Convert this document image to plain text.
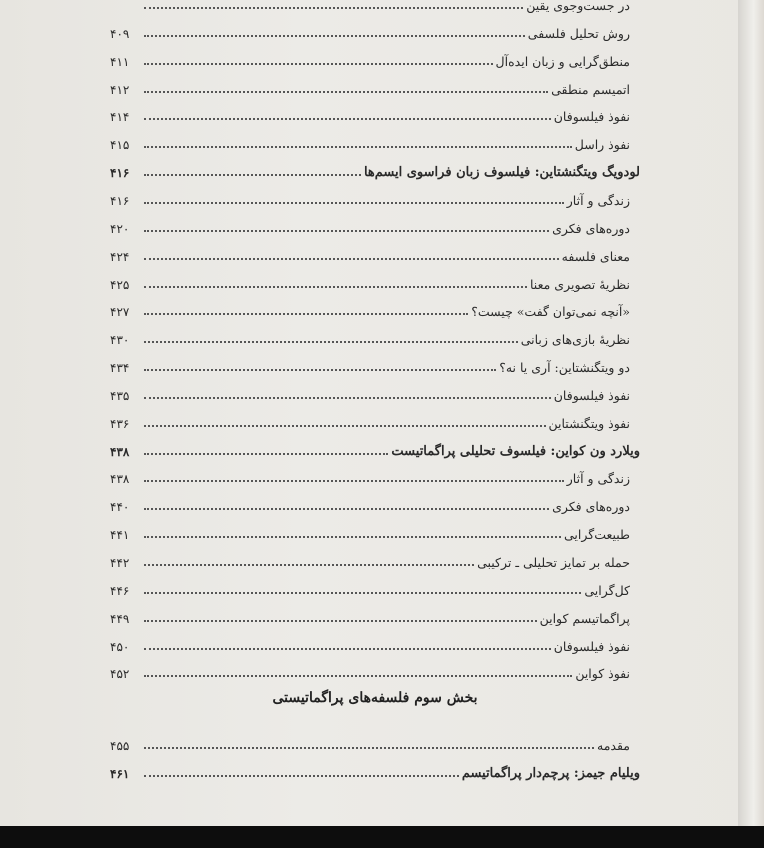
بخش سوم فلسفه‌های پراگماتیستی
در جست‌وجوی یقین
روش تحلیل فلسفی
۴۰۹
منطق‌گرایی و زبان ایده‌آل
۴۱۱
اتمیسم منطقی
۴۱۲
نفوذ فیلسوفان
۴۱۴
نفوذ راسل
۴۱۵
لودویگ ویتگنشتاین: فیلسوف زبان فراسوی ایسم‌ها
۴۱۶
زندگی و آثار
۴۱۶
دوره‌های فکری
۴۲۰
معنای فلسفه
۴۲۴
نظریهٔ تصویری معنا
۴۲۵
«آنچه نمی‌توان گفت» چیست؟
۴۲۷
نظریهٔ بازی‌های زبانی
۴۳۰
دو ویتگنشتاین: آری یا نه؟
۴۳۴
نفوذ فیلسوفان
۴۳۵
نفوذ ویتگنشتاین
۴۳۶
ویلارد ون کواین: فیلسوف تحلیلی پراگماتیست
۴۳۸
زندگی و آثار
۴۳۸
دوره‌های فکری
۴۴۰
طبیعت‌گرایی
۴۴۱
حمله بر تمایز تحلیلی ـ ترکیبی
۴۴۲
کل‌گرایی
۴۴۶
پراگماتیسم کواین
۴۴۹
نفوذ فیلسوفان
۴۵۰
نفوذ کواین
۴۵۲
مقدمه
۴۵۵
ویلیام جیمز: پرچم‌دار پراگماتیسم
۴۶۱
